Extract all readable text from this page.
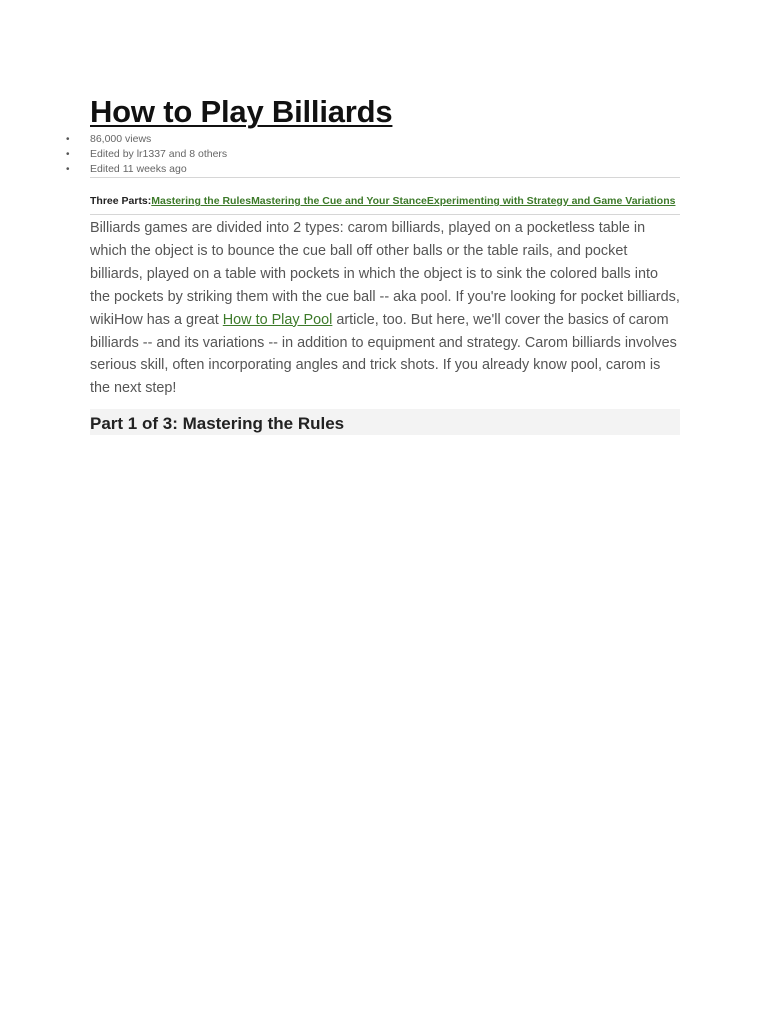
How to Play Billiards
• 86,000 views
• Edited by lr1337 and 8 others
• Edited 11 weeks ago
Three Parts:Mastering the RulesMastering the Cue and Your StanceExperimenting with Strategy and Game Variations

Billiards games are divided into 2 types: carom billiards, played on a pocketless table in which the object is to bounce the cue ball off other balls or the table rails, and pocket billiards, played on a table with pockets in which the object is to sink the colored balls into the pockets by striking them with the cue ball -- aka pool. If you're looking for pocket billiards, wikiHow has a great How to Play Pool article, too. But here, we'll cover the basics of carom billiards -- and its variations -- in addition to equipment and strategy. Carom billiards involves serious skill, often incorporating angles and trick shots. If you already know pool, carom is the next step!

Part 1 of 3: Mastering the Rules
